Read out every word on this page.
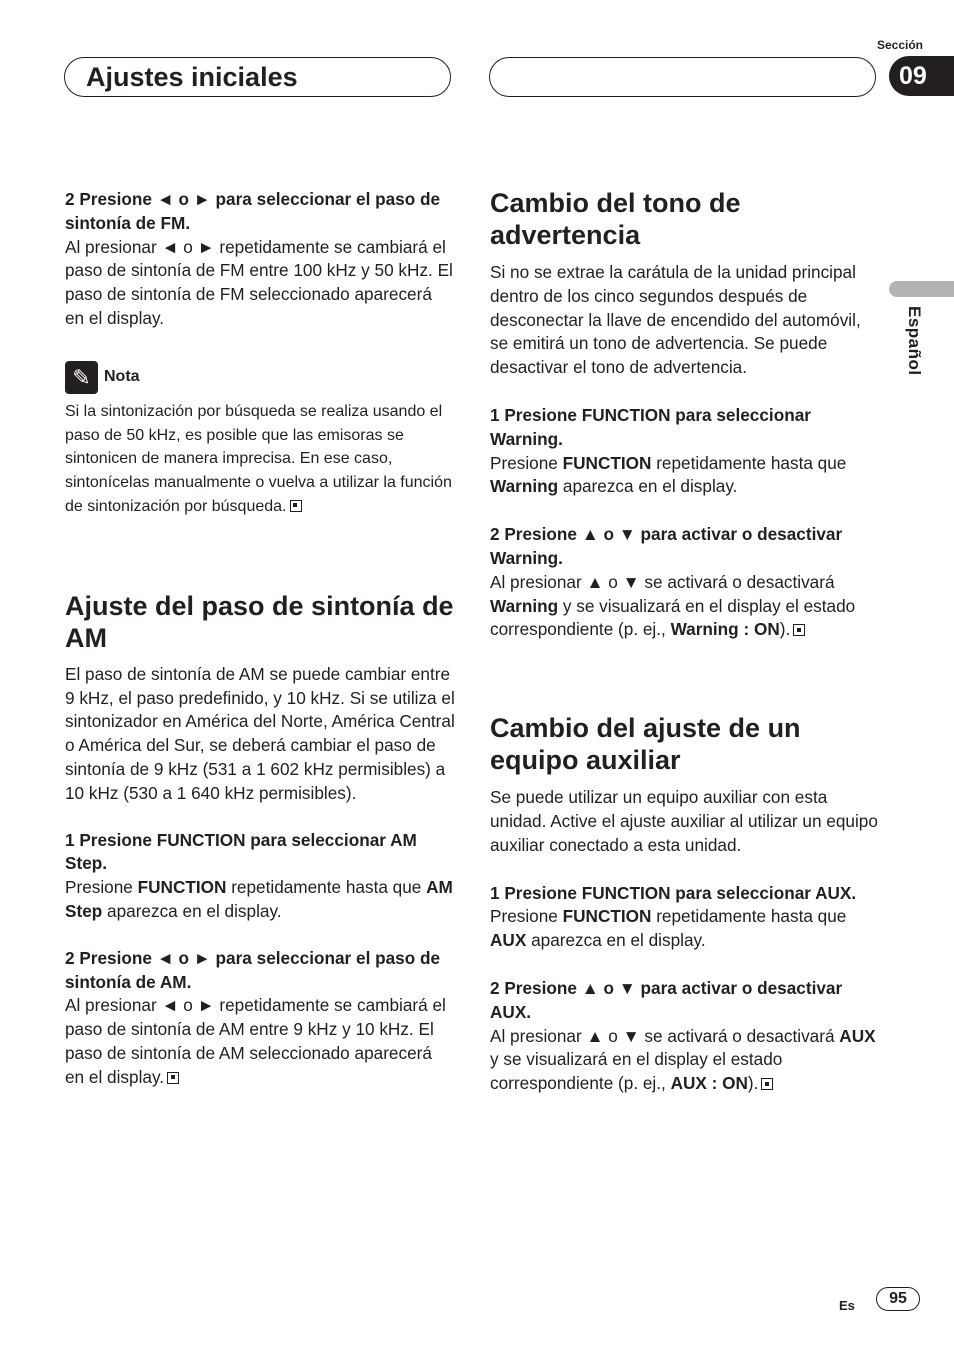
Ajustes iniciales
Sección
09
Español

2 Presione ◄ o ► para seleccionar el paso de sintonía de FM.

Al presionar ◄ o ► repetidamente se cambiará el paso de sintonía de FM entre 100 kHz y 50 kHz. El paso de sintonía de FM seleccionado aparecerá en el display.

✎ Nota
Si la sintonización por búsqueda se realiza usando el paso de 50 kHz, es posible que las emisoras se sintonicen de manera imprecisa. En ese caso, sintonícelas manualmente o vuelva a utilizar la función de sintonización por búsqueda.
Ajuste del paso de sintonía de AM

El paso de sintonía de AM se puede cambiar entre 9 kHz, el paso predefinido, y 10 kHz. Si se utiliza el sintonizador en América del Norte, América Central o América del Sur, se deberá cambiar el paso de sintonía de 9 kHz (531 a 1 602 kHz permisibles) a 10 kHz (530 a 1 640 kHz permisibles).

1 Presione FUNCTION para seleccionar AM Step.

Presione FUNCTION repetidamente hasta que AM Step aparezca en el display.

2 Presione ◄ o ► para seleccionar el paso de sintonía de AM.

Al presionar ◄ o ► repetidamente se cambiará el paso de sintonía de AM entre 9 kHz y 10 kHz. El paso de sintonía de AM seleccionado aparecerá en el display.

Cambio del tono de advertencia

Si no se extrae la carátula de la unidad principal dentro de los cinco segundos después de desconectar la llave de encendido del automóvil, se emitirá un tono de advertencia. Se puede desactivar el tono de advertencia.

1 Presione FUNCTION para seleccionar Warning.

Presione FUNCTION repetidamente hasta que Warning aparezca en el display.

2 Presione ▲ o ▼ para activar o desactivar Warning.

Al presionar ▲ o ▼ se activará o desactivará Warning y se visualizará en el display el estado correspondiente (p. ej., Warning : ON).

Cambio del ajuste de un equipo auxiliar

Se puede utilizar un equipo auxiliar con esta unidad. Active el ajuste auxiliar al utilizar un equipo auxiliar conectado a esta unidad.

1 Presione FUNCTION para seleccionar AUX.

Presione FUNCTION repetidamente hasta que AUX aparezca en el display.

2 Presione ▲ o ▼ para activar o desactivar AUX.

Al presionar ▲ o ▼ se activará o desactivará AUX y se visualizará en el display el estado correspondiente (p. ej., AUX : ON).

Es	95
